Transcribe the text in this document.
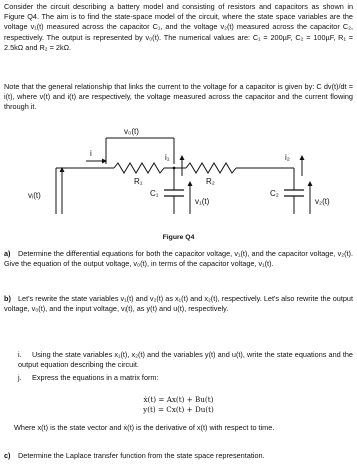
Consider the circuit describing a battery model and consisting of resistors and capacitors as shown in Figure Q4. The aim is to find the state-space model of the circuit, where the state space variables are the voltage v₁(t) measured across the capacitor C₁, and the voltage v₂(t) measured across the capacitor C₂, respectively. The output is represented by v₀(t). The numerical values are: C₁ = 200µF, C₂ = 100µF, R₁ = 2.5kΩ and R₂ = 2kΩ.

Note that the general relationship that links the current to the voltage for a capacitor is given by: C dv(t)/dt = i(t), where v(t) and i(t) are respectively, the voltage measured across the capacitor and the current flowing through it.

v₀(t)
i
R₁	R₂
i₁	i₂
C₁	C₂
vᵢ(t)
v₁(t)	v₂(t)

Figure Q4

a) Determine the differential equations for both the capacitor voltage, v₁(t), and the capacitor voltage, v₂(t). Give the equation of the output voltage, v₀(t), in terms of the capacitor voltage, v₁(t).

b) Let's rewrite the state variables v₁(t) and v₂(t) as x₁(t) and x₂(t), respectively. Let's also rewrite the output voltage, v₀(t), and the input voltage, vᵢ(t), as y(t) and u(t), respectively.

i. Using the state variables x₁(t), x₂(t) and the variables y(t) and u(t), write the state equations and the output equation describing the circuit.

j. Express the equations in a matrix form:

ẋ(t) = Ax(t) + Bu(t)
y(t) = Cx(t) + Du(t)

Where x(t) is the state vector and ẋ(t) is the derivative of x(t) with respect to time.

c) Determine the Laplace transfer function from the state space representation.
